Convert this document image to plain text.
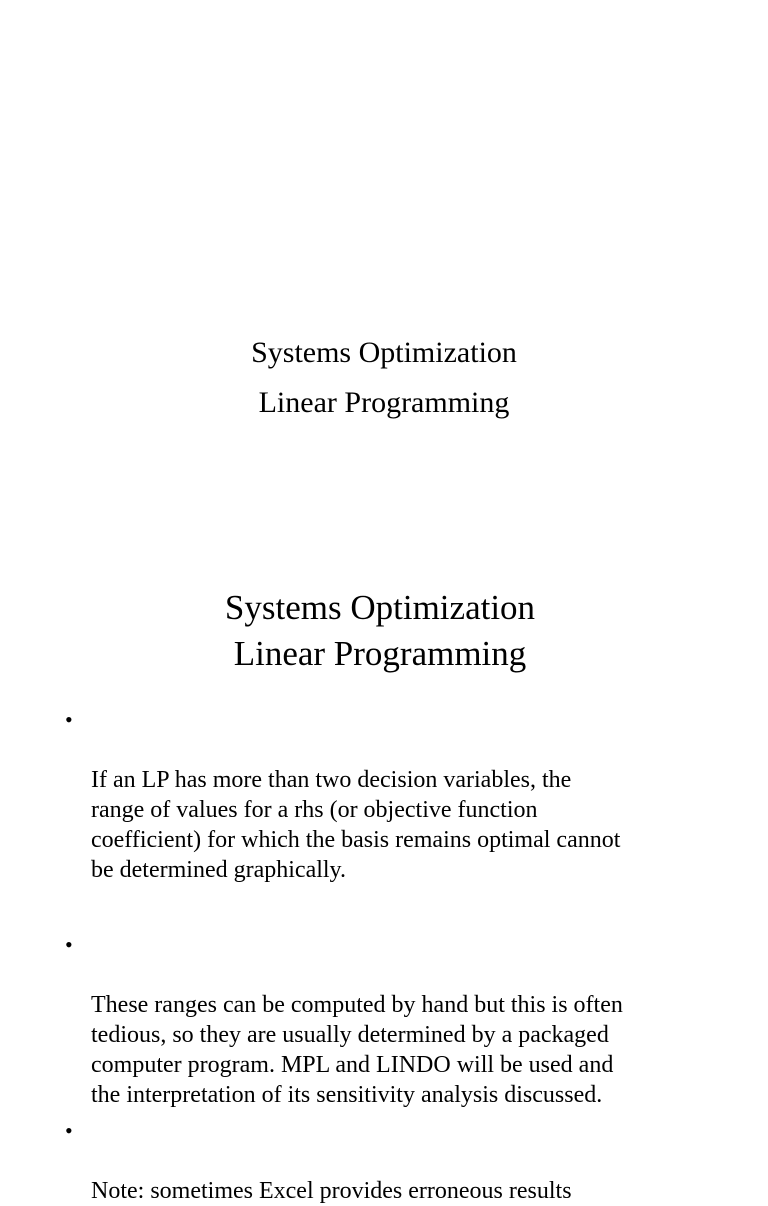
Systems Optimization
Linear Programming
Systems Optimization
Linear Programming

•

If an LP has more than two decision variables, the
range of values for a rhs (or objective function
coefficient) for which the basis remains optimal cannot
be determined graphically.

•

These ranges can be computed by hand but this is often
tedious, so they are usually determined by a packaged
computer program. MPL and LINDO will be used and
the interpretation of its sensitivity analysis discussed.

•

Note: sometimes Excel provides erroneous results
